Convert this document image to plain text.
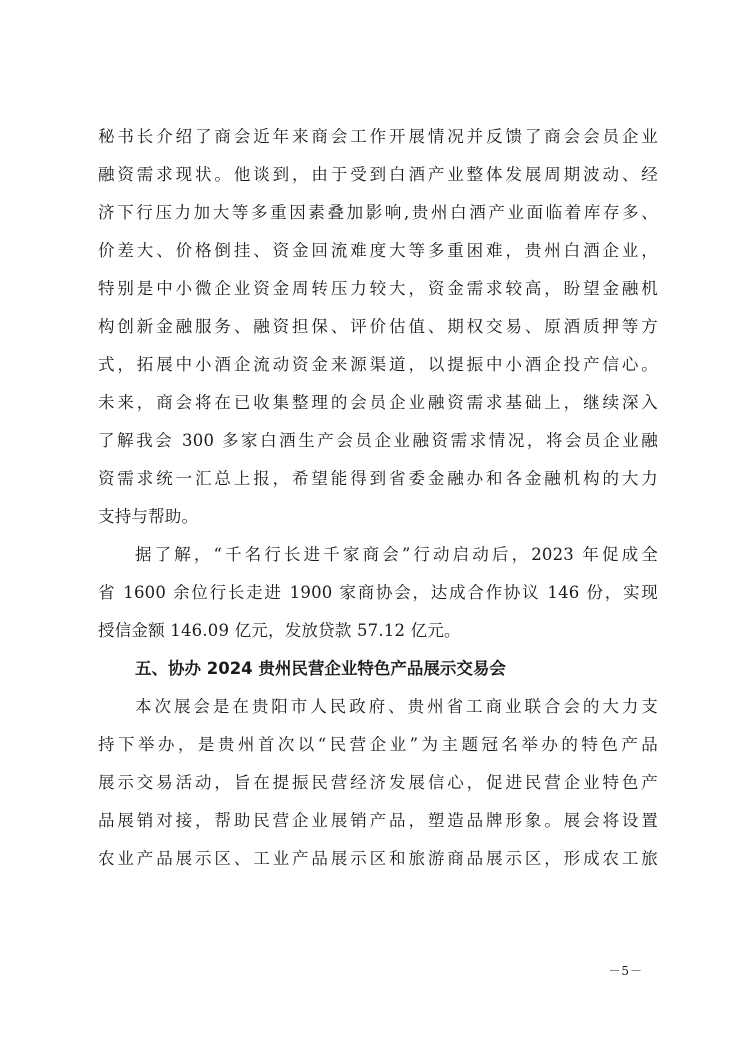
秘书长介绍了商会近年来商会工作开展情况并反馈了商会会员企业
融资需求现状。他谈到，由于受到白酒产业整体发展周期波动、经
济下行压力加大等多重因素叠加影响,贵州白酒产业面临着库存多、
价差大、价格倒挂、资金回流难度大等多重困难，贵州白酒企业，
特别是中小微企业资金周转压力较大，资金需求较高，盼望金融机
构创新金融服务、融资担保、评价估值、期权交易、原酒质押等方
式，拓展中小酒企流动资金来源渠道，以提振中小酒企投产信心。
未来，商会将在已收集整理的会员企业融资需求基础上，继续深入
了解我会 300 多家白酒生产会员企业融资需求情况，将会员企业融
资需求统一汇总上报，希望能得到省委金融办和各金融机构的大力
支持与帮助。
据了解，“千名行长进千家商会”行动启动后，2023 年促成全
省 1600 余位行长走进 1900 家商协会，达成合作协议 146 份，实现
授信金额 146.09 亿元，发放贷款 57.12 亿元。
五、协办 2024 贵州民营企业特色产品展示交易会
本次展会是在贵阳市人民政府、贵州省工商业联合会的大力支
持下举办，是贵州首次以“民营企业”为主题冠名举办的特色产品
展示交易活动，旨在提振民营经济发展信心，促进民营企业特色产
品展销对接，帮助民营企业展销产品，塑造品牌形象。展会将设置
农业产品展示区、工业产品展示区和旅游商品展示区，形成农工旅
－5－
